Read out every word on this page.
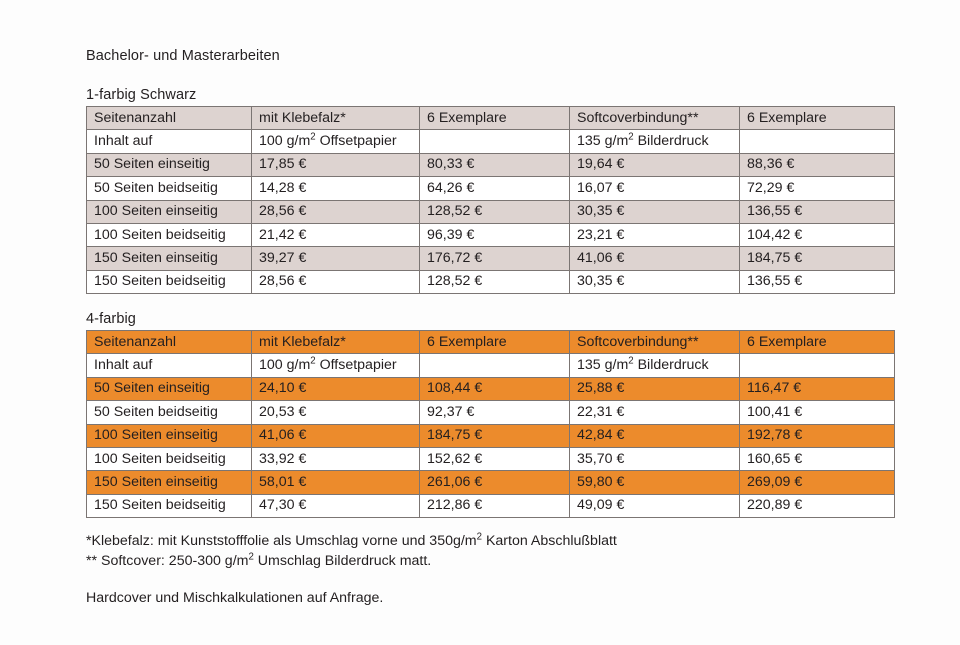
Bachelor- und Masterarbeiten
1-farbig Schwarz
Seitenanzahl	mit Klebefalz*	6 Exemplare	Softcoverbindung**	6 Exemplare
Inhalt auf	100 $g/m^2$ Offsetpapier		135 $g/m^2$ Bilderdruck	
50 Seiten einseitig	17,85 €	80,33 €	19,64 €	88,36 €
50 Seiten beidseitig	14,28 €	64,26 €	16,07 €	72,29 €
100 Seiten einseitig	28,56 €	128,52 €	30,35 €	136,55 €
100 Seiten beidseitig	21,42 €	96,39 €	23,21 €	104,42 €
150 Seiten einseitig	39,27 €	176,72 €	41,06 €	184,75 €
150 Seiten beidseitig	28,56 €	128,52 €	30,35 €	136,55 €
4-farbig
Seitenanzahl	mit Klebefalz*	6 Exemplare	Softcoverbindung**	6 Exemplare
Inhalt auf	100 $g/m^2$ Offsetpapier		135 $g/m^2$ Bilderdruck	
50 Seiten einseitig	24,10 €	108,44 €	25,88 €	116,47 €
50 Seiten beidseitig	20,53 €	92,37 €	22,31 €	100,41 €
100 Seiten einseitig	41,06 €	184,75 €	42,84 €	192,78 €
100 Seiten beidseitig	33,92 €	152,62 €	35,70 €	160,65 €
150 Seiten einseitig	58,01 €	261,06 €	59,80 €	269,09 €
150 Seiten beidseitig	47,30 €	212,86 €	49,09 €	220,89 €
*Klebefalz: mit Kunststofffolie als Umschlag vorne und $350g/m^2$ Karton Abschlußblatt
** Softcover: 250-300 $g/m^2$ Umschlag Bilderdruck matt.
Hardcover und Mischkalkulationen auf Anfrage.
